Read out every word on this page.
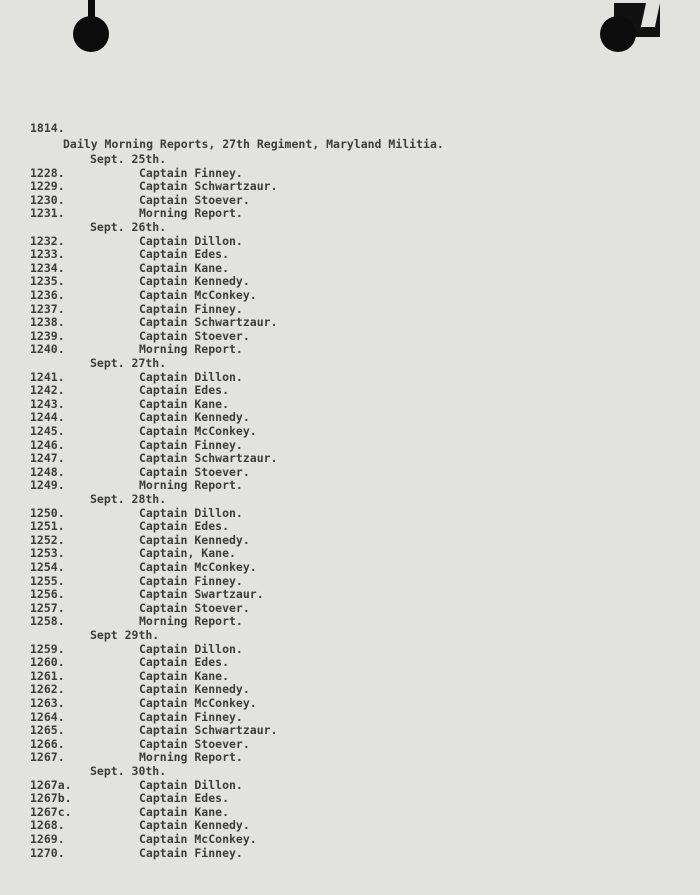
1814.
Daily Morning Reports, 27th Regiment, Maryland Militia.
Sept. 25th.
1228.	Captain Finney.
1229.	Captain Schwartzaur.
1230.	Captain Stoever.
1231.	Morning Report.
Sept. 26th.
1232.	Captain Dillon.
1233.	Captain Edes.
1234.	Captain Kane.
1235.	Captain Kennedy.
1236.	Captain McConkey.
1237.	Captain Finney.
1238.	Captain Schwartzaur.
1239.	Captain Stoever.
1240.	Morning Report.
Sept. 27th.
1241.	Captain Dillon.
1242.	Captain Edes.
1243.	Captain Kane.
1244.	Captain Kennedy.
1245.	Captain McConkey.
1246.	Captain Finney.
1247.	Captain Schwartzaur.
1248.	Captain Stoever.
1249.	Morning Report.
Sept. 28th.
1250.	Captain Dillon.
1251.	Captain Edes.
1252.	Captain Kennedy.
1253.	Captain, Kane.
1254.	Captain McConkey.
1255.	Captain Finney.
1256.	Captain Swartzaur.
1257.	Captain Stoever.
1258.	Morning Report.
Sept 29th.
1259.	Captain Dillon.
1260.	Captain Edes.
1261.	Captain Kane.
1262.	Captain Kennedy.
1263.	Captain McConkey.
1264.	Captain Finney.
1265.	Captain Schwartzaur.
1266.	Captain Stoever.
1267.	Morning Report.
Sept. 30th.
1267a.	Captain Dillon.
1267b.	Captain Edes.
1267c.	Captain Kane.
1268.	Captain Kennedy.
1269.	Captain McConkey.
1270.	Captain Finney.
